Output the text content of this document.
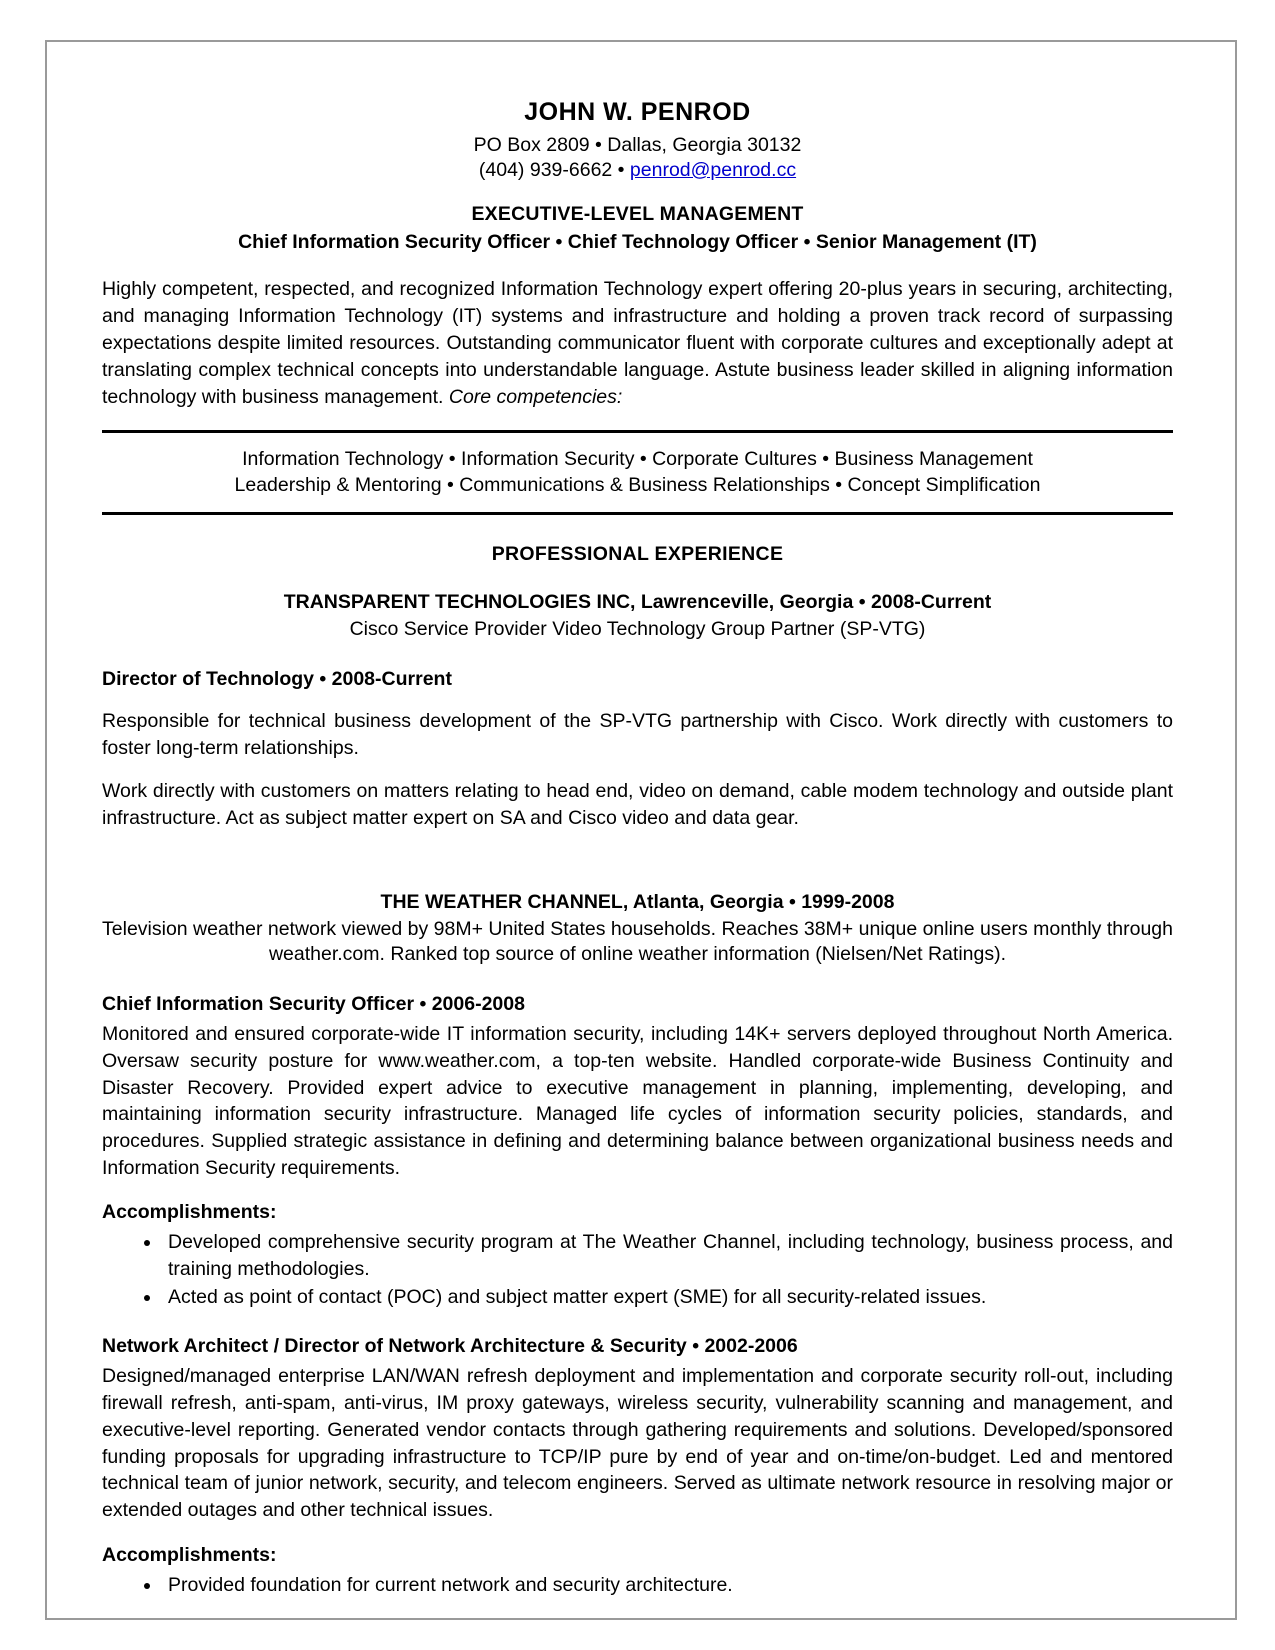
JOHN W. PENROD

PO Box 2809 • Dallas, Georgia 30132

(404) 939-6662 • penrod@penrod.cc

EXECUTIVE-LEVEL MANAGEMENT

Chief Information Security Officer • Chief Technology Officer • Senior Management (IT)

Highly competent, respected, and recognized Information Technology expert offering 20-plus years in securing, architecting, and managing Information Technology (IT) systems and infrastructure and holding a proven track record of surpassing expectations despite limited resources. Outstanding communicator fluent with corporate cultures and exceptionally adept at translating complex technical concepts into understandable language. Astute business leader skilled in aligning information technology with business management. Core competencies:

Information Technology • Information Security • Corporate Cultures • Business Management
Leadership & Mentoring • Communications & Business Relationships • Concept Simplification

PROFESSIONAL EXPERIENCE

TRANSPARENT TECHNOLOGIES INC, Lawrenceville, Georgia • 2008-Current

Cisco Service Provider Video Technology Group Partner (SP-VTG)

Director of Technology • 2008-Current

Responsible for technical business development of the SP-VTG partnership with Cisco. Work directly with customers to foster long-term relationships.

Work directly with customers on matters relating to head end, video on demand, cable modem technology and outside plant infrastructure. Act as subject matter expert on SA and Cisco video and data gear.

THE WEATHER CHANNEL, Atlanta, Georgia • 1999-2008

Television weather network viewed by 98M+ United States households. Reaches 38M+ unique online users monthly through weather.com. Ranked top source of online weather information (Nielsen/Net Ratings).

Chief Information Security Officer • 2006-2008

Monitored and ensured corporate-wide IT information security, including 14K+ servers deployed throughout North America. Oversaw security posture for www.weather.com, a top-ten website. Handled corporate-wide Business Continuity and Disaster Recovery. Provided expert advice to executive management in planning, implementing, developing, and maintaining information security infrastructure. Managed life cycles of information security policies, standards, and procedures. Supplied strategic assistance in defining and determining balance between organizational business needs and Information Security requirements.

Accomplishments:

• Developed comprehensive security program at The Weather Channel, including technology, business process, and training methodologies.
• Acted as point of contact (POC) and subject matter expert (SME) for all security-related issues.

Network Architect / Director of Network Architecture & Security • 2002-2006

Designed/managed enterprise LAN/WAN refresh deployment and implementation and corporate security roll-out, including firewall refresh, anti-spam, anti-virus, IM proxy gateways, wireless security, vulnerability scanning and management, and executive-level reporting. Generated vendor contacts through gathering requirements and solutions. Developed/sponsored funding proposals for upgrading infrastructure to TCP/IP pure by end of year and on-time/on-budget. Led and mentored technical team of junior network, security, and telecom engineers. Served as ultimate network resource in resolving major or extended outages and other technical issues.

Accomplishments:

• Provided foundation for current network and security architecture.
